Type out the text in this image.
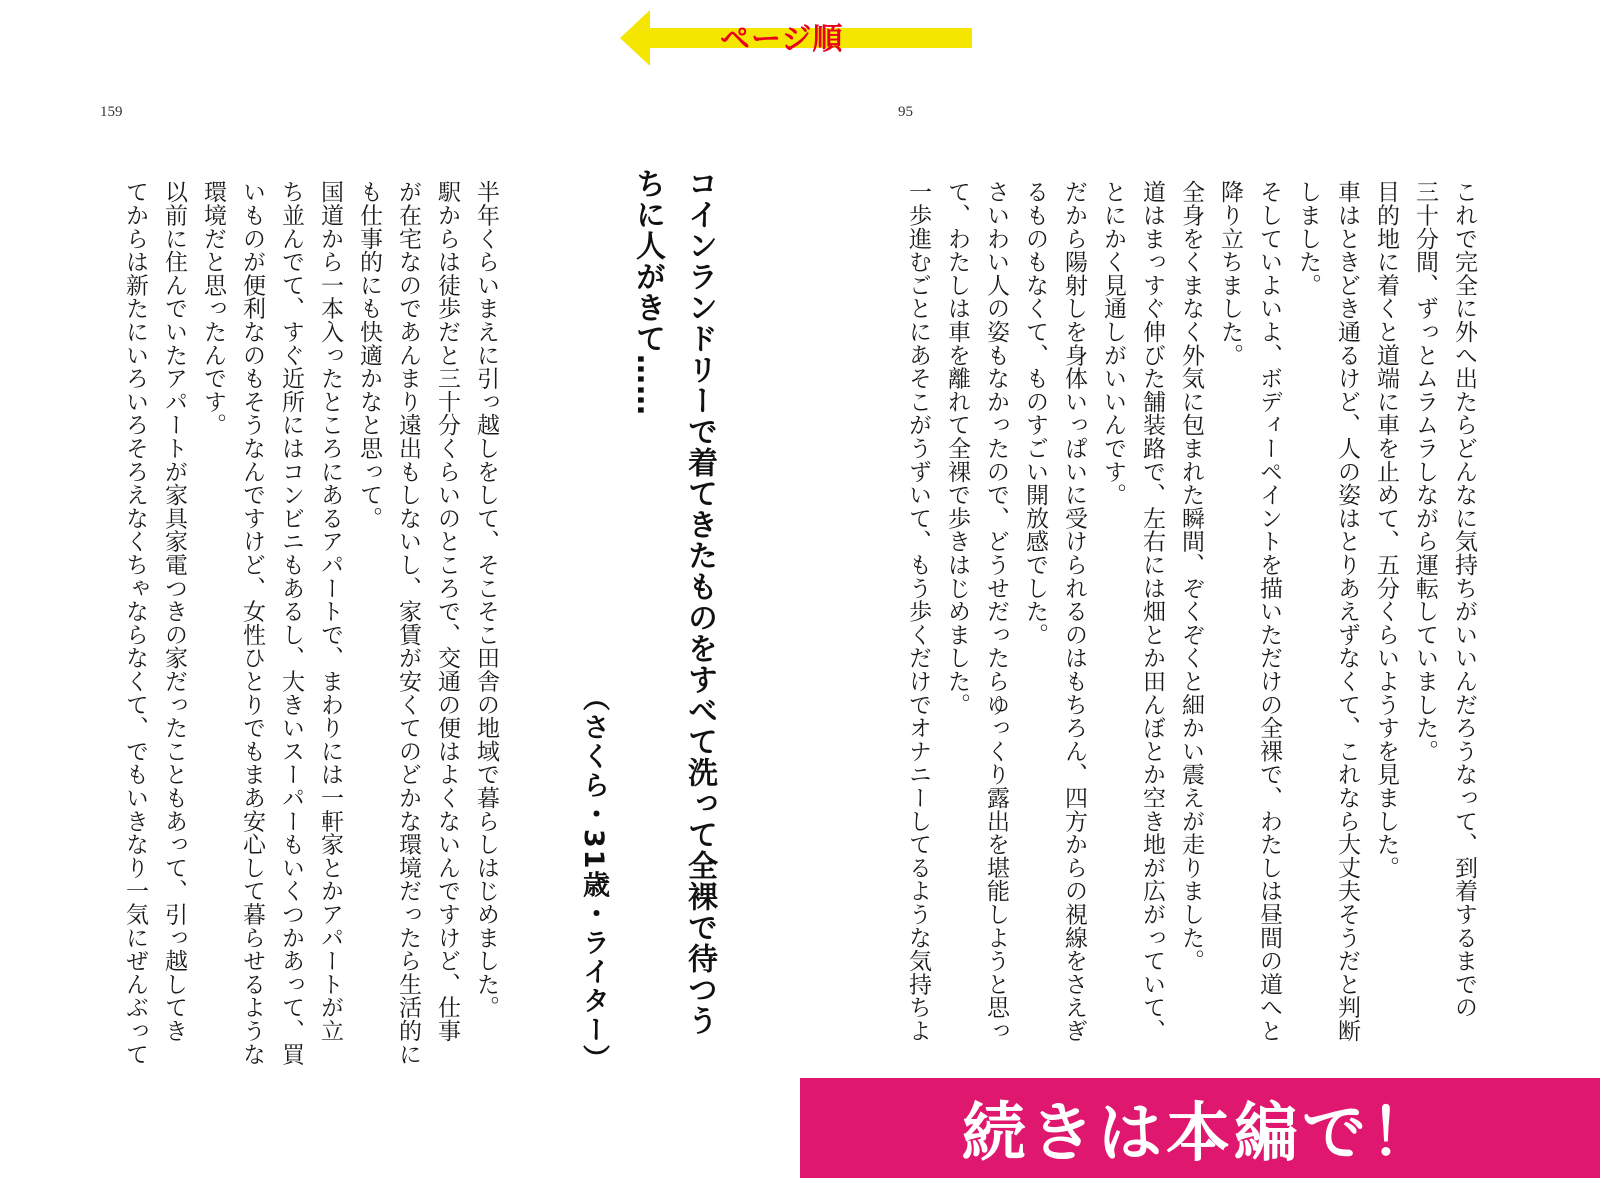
ページ順
159	95
これで完全に外へ出たらどんなに気持ちがいいんだろうなって、到着するまでの
三十分間、ずっとムラムラしながら運転していました。
目的地に着くと道端に車を止めて、五分くらいようすを見ました。
車はときどき通るけど、人の姿はとりあえずなくて、これなら大丈夫そうだと判断
しました。
そしていよいよ、ボディーペイントを描いただけの全裸で、わたしは昼間の道へと
降り立ちました。
全身をくまなく外気に包まれた瞬間、ぞくぞくと細かい震えが走りました。
道はまっすぐ伸びた舗装路で、左右には畑とか田んぼとか空き地が広がっていて、
とにかく見通しがいいんです。
だから陽射しを身体いっぱいに受けられるのはもちろん、四方からの視線をさえぎ
るものもなくて、ものすごい開放感でした。
さいわい人の姿もなかったので、どうせだったらゆっくり露出を堪能しようと思っ
て、わたしは車を離れて全裸で歩きはじめました。
一歩進むごとにあそこがうずいて、もう歩くだけでオナニーしてるような気持ちよ
コインランドリーで着てきたものをすべて洗って全裸で待つう
ちに人がきて……
（さくら・31歳・ライター）
半年くらいまえに引っ越しをして、そこそこ田舎の地域で暮らしはじめました。
駅からは徒歩だと三十分くらいのところで、交通の便はよくないんですけど、仕事
が在宅なのであんまり遠出もしないし、家賃が安くてのどかな環境だったら生活的に
も仕事的にも快適かなと思って。
国道から一本入ったところにあるアパートで、まわりには一軒家とかアパートが立
ち並んでて、すぐ近所にはコンビニもあるし、大きいスーパーもいくつかあって、買
いものが便利なのもそうなんですけど、女性ひとりでもまあ安心して暮らせるような
環境だと思ったんです。
以前に住んでいたアパートが家具家電つきの家だったこともあって、引っ越してき
てからは新たにいろいろそろえなくちゃならなくて、でもいきなり一気にぜんぶって
続きは本編で！
